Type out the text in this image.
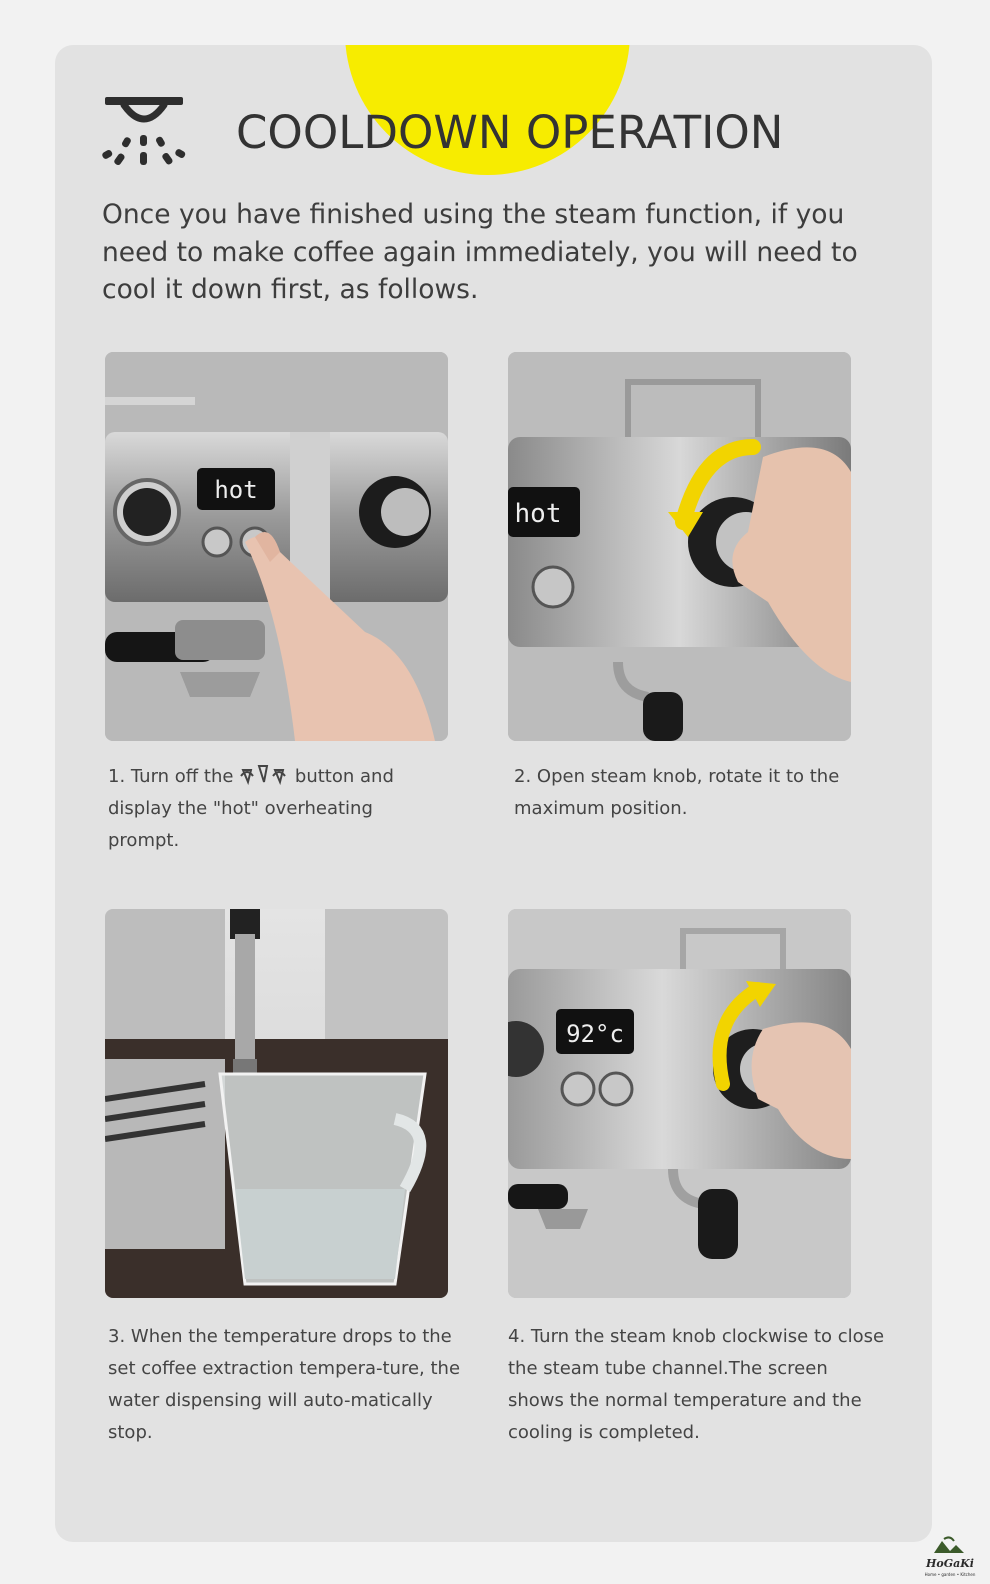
COOLDOWN OPERATION

Once you have finished using the steam function, if you need to make coffee again immediately, you will need to cool it down first, as follows.

hot
hot

1. Turn off the	button and display the "hot" overheating prompt.

2. Open steam knob, rotate it to the maximum position.

92°c

3. When the temperature drops to the set coffee extraction tempera-ture, the water dispensing will auto-matically stop.

4. Turn the steam knob clockwise to close the steam tube channel.The screen shows the normal temperature and the cooling is completed.

HoGaKi
Home • garden • Kitchen
